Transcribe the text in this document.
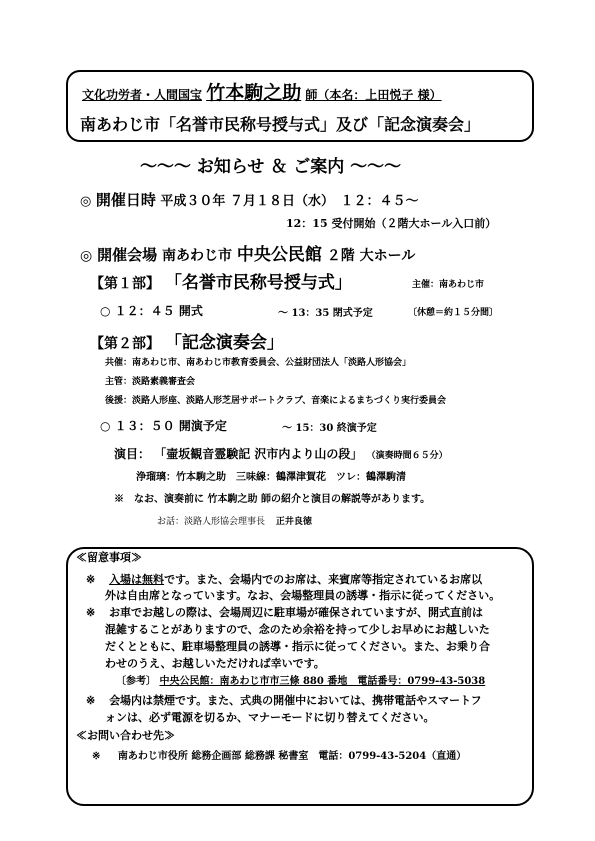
文化功労者・人間国宝 竹本駒之助 師（本名：上田悦子 様）
南あわじ市「名誉市民称号授与式」及び「記念演奏会」
～～～ お知らせ ＆ ご案内 ～～～
◎ 開催日時 平成３０年 ７月１８日（水）　１２：４５～
12：15 受付開始（２階大ホール入口前）
◎ 開催会場 南あわじ市 中央公民館 ２階 大ホール
【第１部】 「名誉市民称号授与式」	主催：南あわじ市
○ １２：４５ 開式	～ 13：35 閉式予定	〔休憩＝約１５分間〕
【第２部】 「記念演奏会」
共催：南あわじ市、南あわじ市教育委員会、公益財団法人「淡路人形協会」
主管：淡路素義審査会
後援：淡路人形座、淡路人形芝居サポートクラブ、音楽によるまちづくり実行委員会
○ １３：５０ 開演予定	～ 15：30 終演予定
演目： 「壷坂観音霊験記 沢市内より山の段」 （演奏時間６５分）
浄瑠璃：竹本駒之助　三味線：鶴澤津賀花　ツレ：鶴澤駒清
※　なお、演奏前に 竹本駒之助 師の紹介と演目の解説等があります。
お話：淡路人形協会理事長 正井良徳
≪留意事項≫
※ 入場は無料です。また、会場内でのお席は、来賓席等指定されているお席以
外は自由席となっています。なお、会場整理員の誘導・指示に従ってください。
※ お車でお越しの際は、会場周辺に駐車場が確保されていますが、開式直前は
混雑することがありますので、念のため余裕を持って少しお早めにお越しいた
だくとともに、駐車場整理員の誘導・指示に従ってください。また、お乗り合
わせのうえ、お越しいただければ幸いです。
〔参考〕 中央公民館：南あわじ市市三條 880 番地　電話番号：0799-43-5038
※ 会場内は禁煙です。また、式典の開催中においては、携帯電話やスマートフ
ォンは、必ず電源を切るか、マナーモードに切り替えてください。
≪お問い合わせ先≫
※ 南あわじ市役所 総務企画部 総務課 秘書室　電話：0799-43-5204（直通）
